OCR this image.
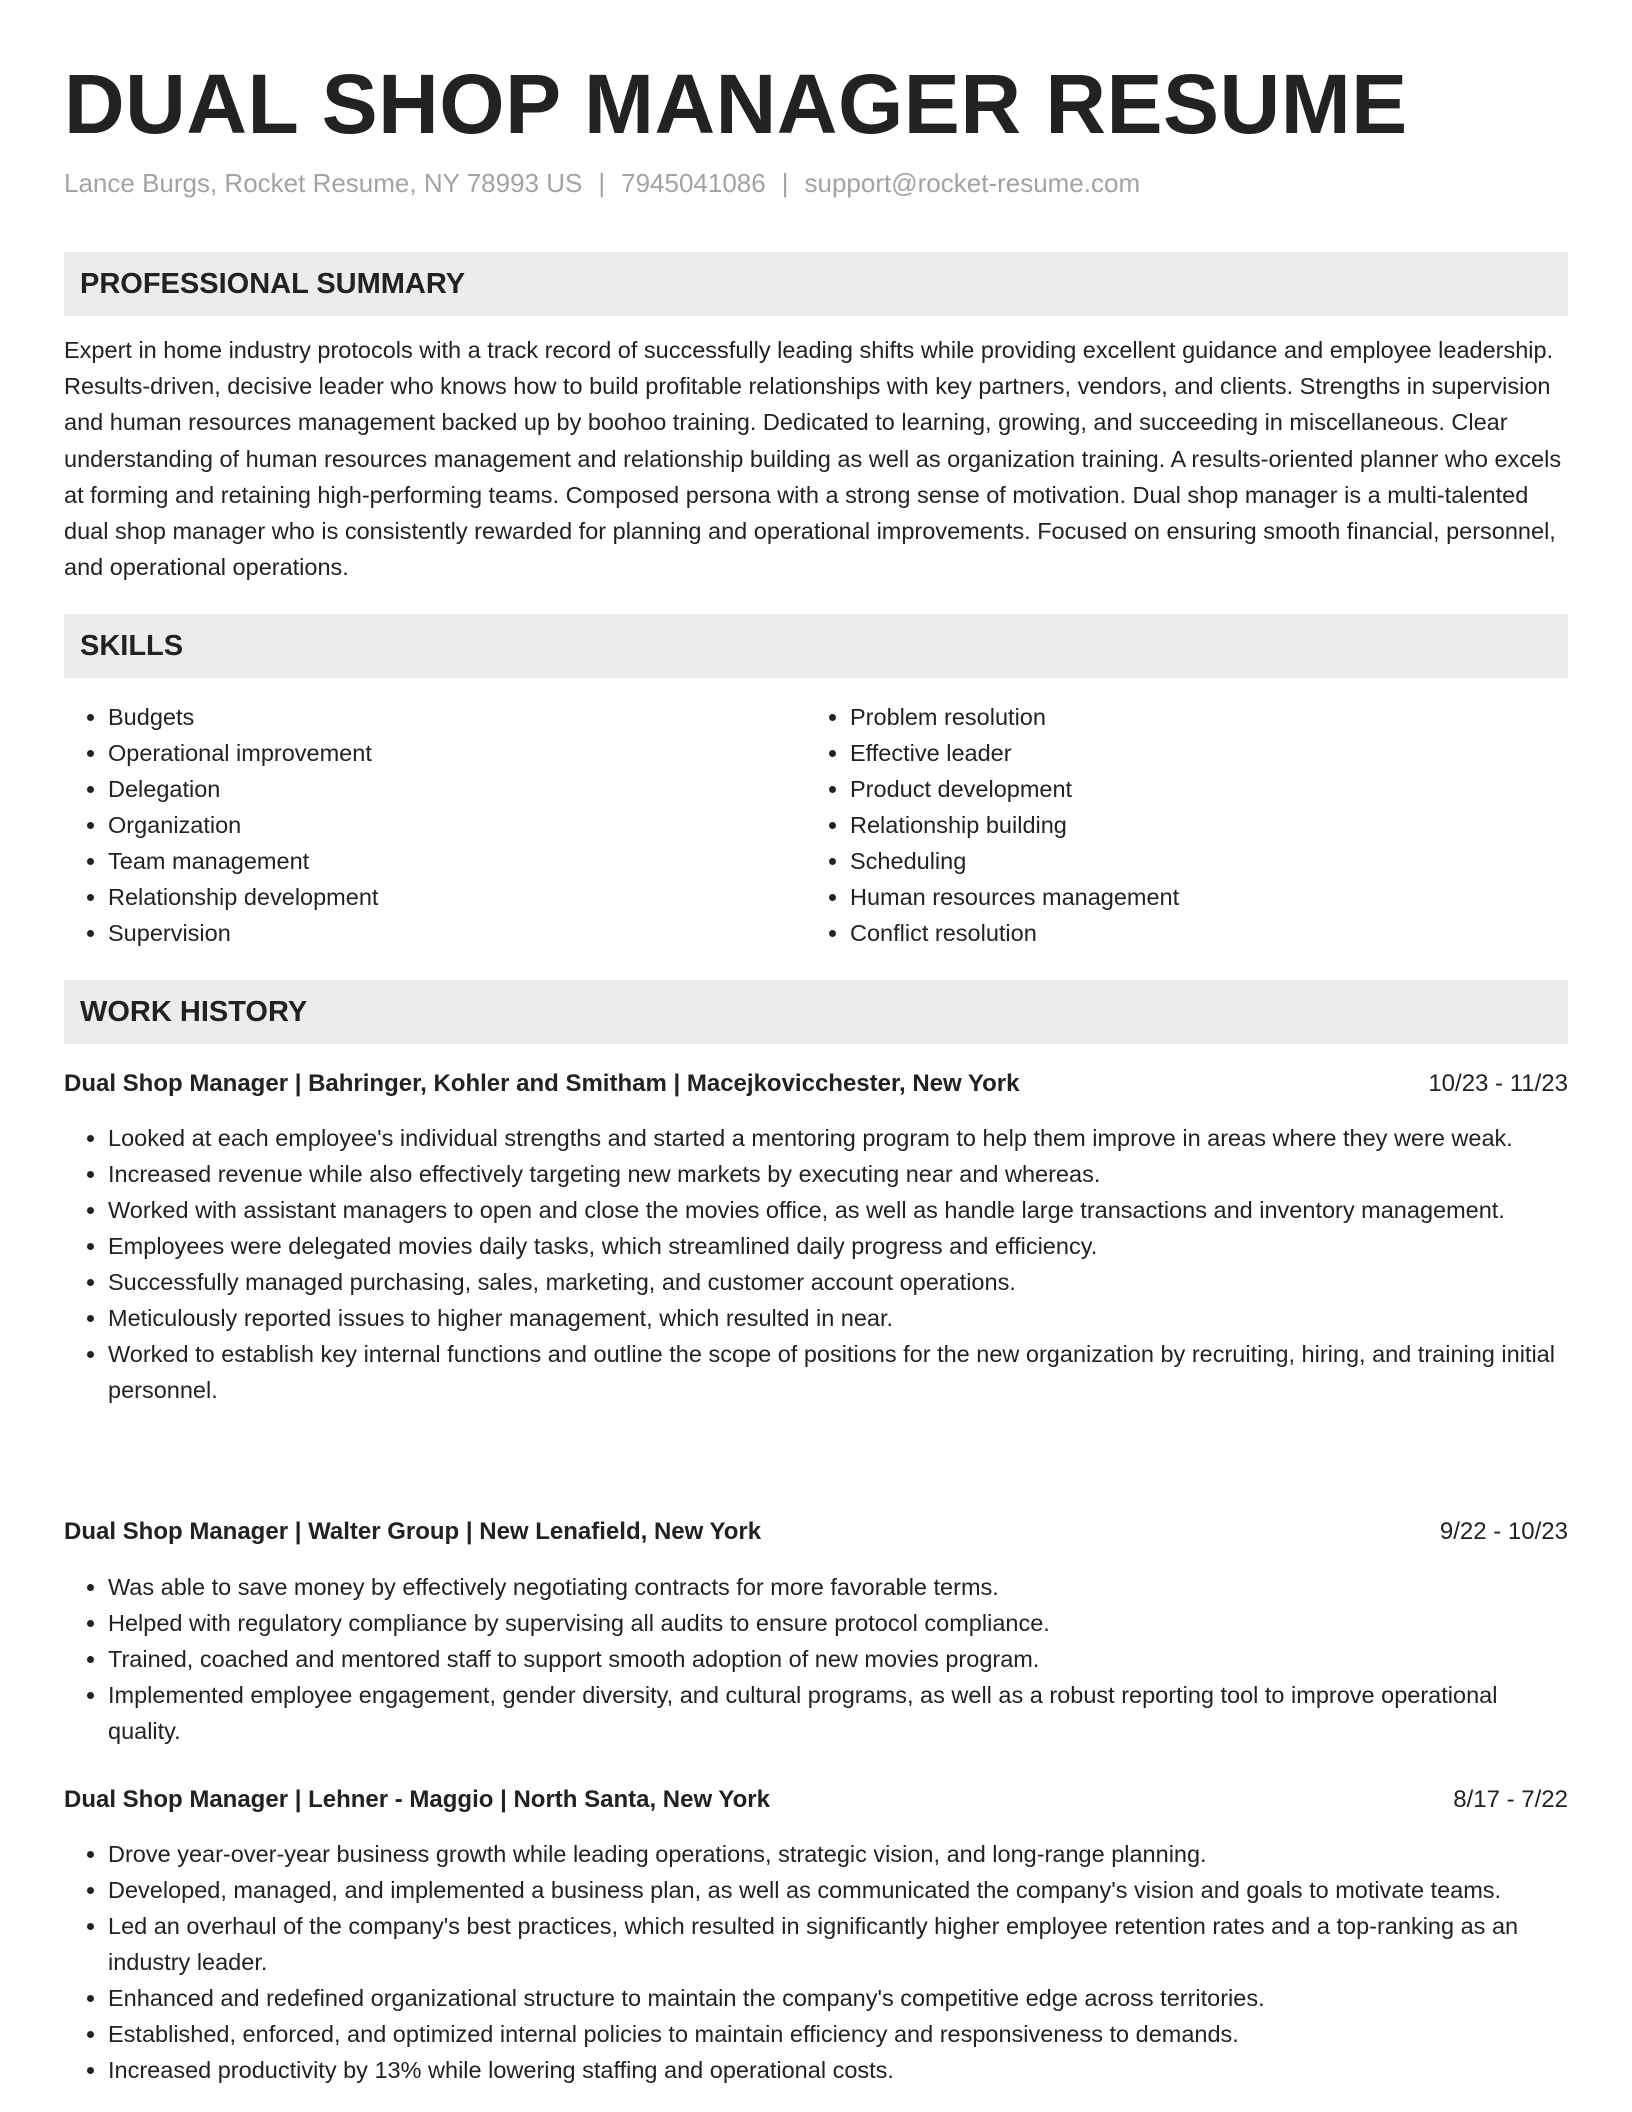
DUAL SHOP MANAGER RESUME
Lance Burgs, Rocket Resume, NY 78993 US | 7945041086 | support@rocket-resume.com
PROFESSIONAL SUMMARY

Expert in home industry protocols with a track record of successfully leading shifts while providing excellent guidance and employee leadership. Results-driven, decisive leader who knows how to build profitable relationships with key partners, vendors, and clients. Strengths in supervision and human resources management backed up by boohoo training. Dedicated to learning, growing, and succeeding in miscellaneous. Clear understanding of human resources management and relationship building as well as organization training. A results-oriented planner who excels at forming and retaining high-performing teams. Composed persona with a strong sense of motivation. Dual shop manager is a multi-talented dual shop manager who is consistently rewarded for planning and operational improvements. Focused on ensuring smooth financial, personnel, and operational operations.

SKILLS
• Budgets
• Operational improvement
• Delegation
• Organization
• Team management
• Relationship development
• Supervision
• Problem resolution
• Effective leader
• Product development
• Relationship building
• Scheduling
• Human resources management
• Conflict resolution
WORK HISTORY
Dual Shop Manager | Bahringer, Kohler and Smitham | Macejkovicchester, New York	10/23 - 11/23
• Looked at each employee's individual strengths and started a mentoring program to help them improve in areas where they were weak.
• Increased revenue while also effectively targeting new markets by executing near and whereas.
• Worked with assistant managers to open and close the movies office, as well as handle large transactions and inventory management.
• Employees were delegated movies daily tasks, which streamlined daily progress and efficiency.
• Successfully managed purchasing, sales, marketing, and customer account operations.
• Meticulously reported issues to higher management, which resulted in near.
• Worked to establish key internal functions and outline the scope of positions for the new organization by recruiting, hiring, and training initial personnel.
Dual Shop Manager | Walter Group | New Lenafield, New York	9/22 - 10/23
• Was able to save money by effectively negotiating contracts for more favorable terms.
• Helped with regulatory compliance by supervising all audits to ensure protocol compliance.
• Trained, coached and mentored staff to support smooth adoption of new movies program.
• Implemented employee engagement, gender diversity, and cultural programs, as well as a robust reporting tool to improve operational quality.
Dual Shop Manager | Lehner - Maggio | North Santa, New York	8/17 - 7/22
• Drove year-over-year business growth while leading operations, strategic vision, and long-range planning.
• Developed, managed, and implemented a business plan, as well as communicated the company's vision and goals to motivate teams.
• Led an overhaul of the company's best practices, which resulted in significantly higher employee retention rates and a top-ranking as an industry leader.
• Enhanced and redefined organizational structure to maintain the company's competitive edge across territories.
• Established, enforced, and optimized internal policies to maintain efficiency and responsiveness to demands.
• Increased productivity by 13% while lowering staffing and operational costs.
